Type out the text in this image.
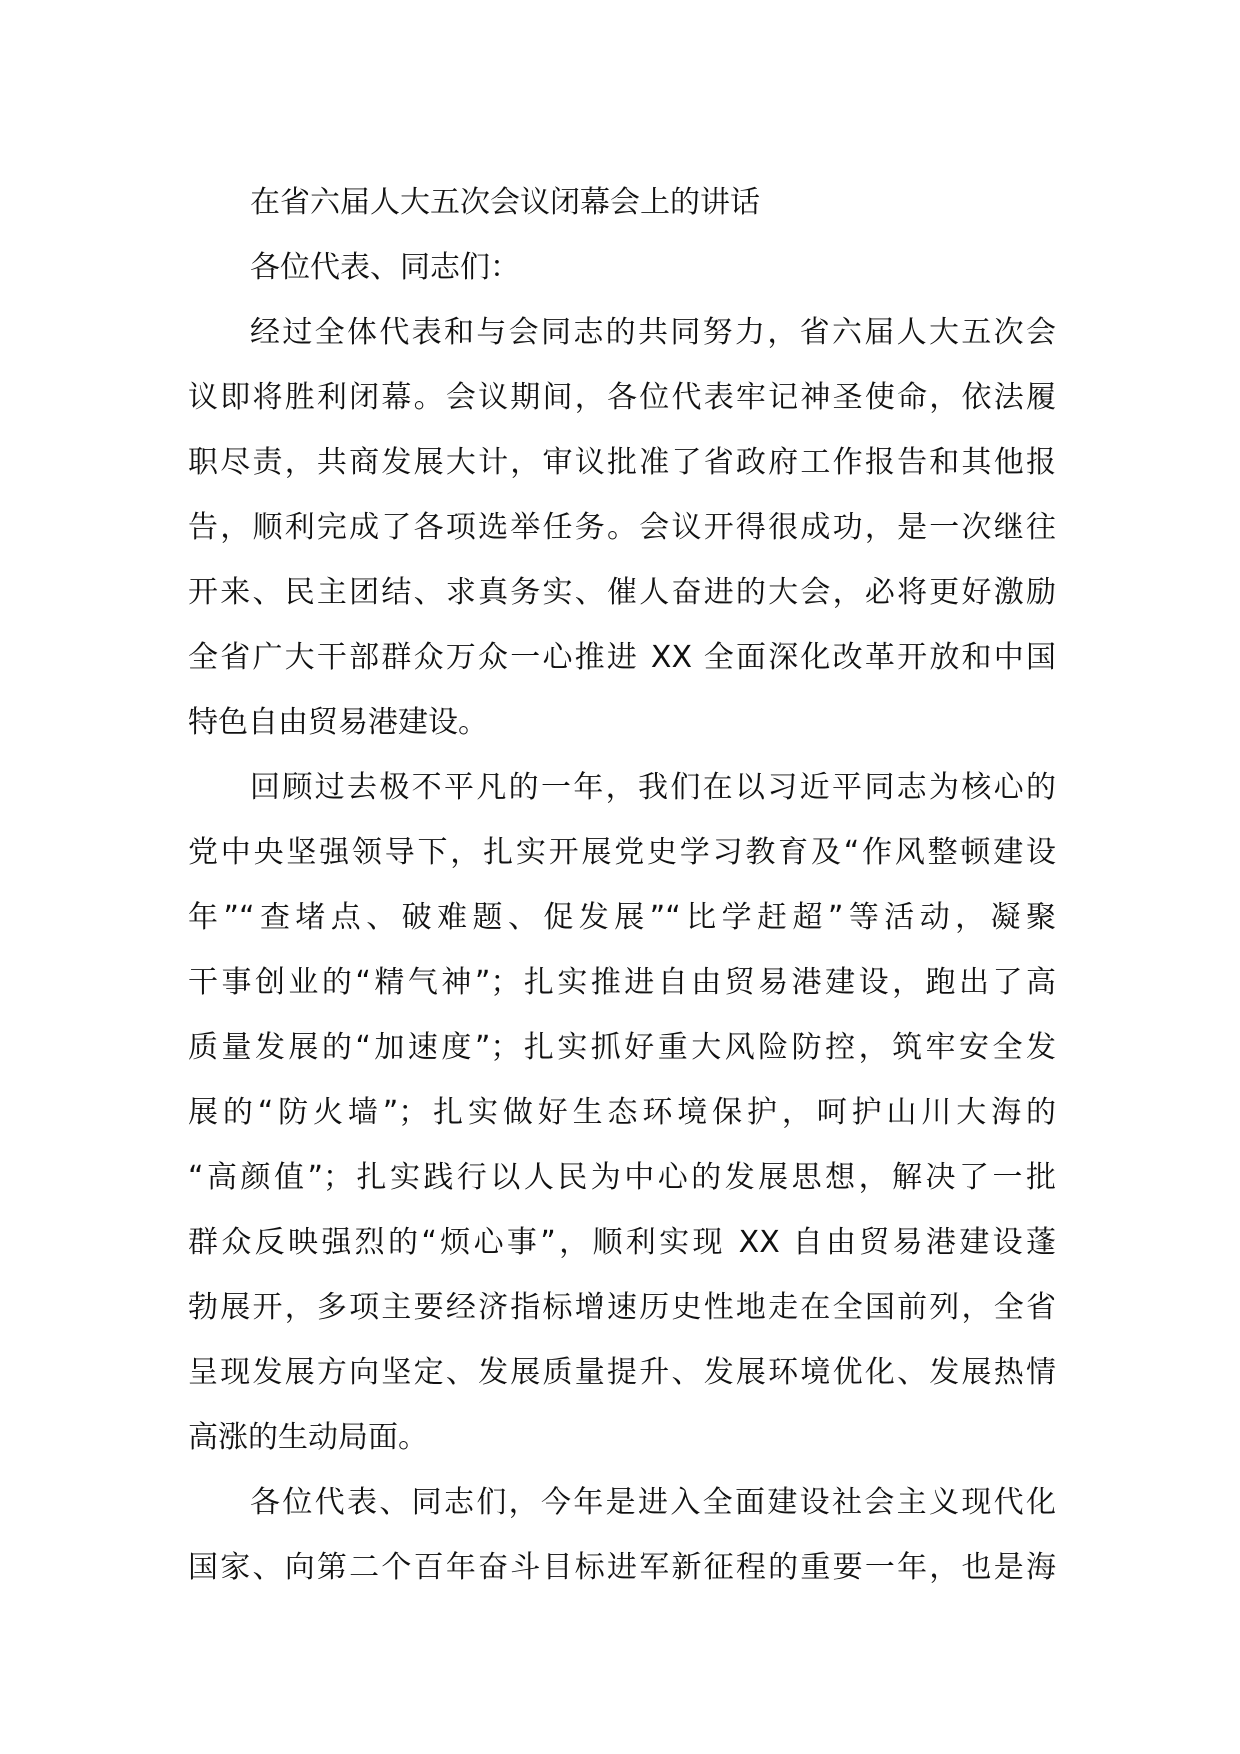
在省六届人大五次会议闭幕会上的讲话
各位代表、同志们：
经过全体代表和与会同志的共同努力，省六届人大五次会
议即将胜利闭幕。会议期间，各位代表牢记神圣使命，依法履
职尽责，共商发展大计，审议批准了省政府工作报告和其他报
告，顺利完成了各项选举任务。会议开得很成功，是一次继往
开来、民主团结、求真务实、催人奋进的大会，必将更好激励
全省广大干部群众万众一心推进 XX 全面深化改革开放和中国
特色自由贸易港建设。
回顾过去极不平凡的一年，我们在以习近平同志为核心的
党中央坚强领导下，扎实开展党史学习教育及“作风整顿建设
年”“查堵点、破难题、促发展”“比学赶超”等活动，凝聚
干事创业的“精气神”；扎实推进自由贸易港建设，跑出了高
质量发展的“加速度”；扎实抓好重大风险防控，筑牢安全发
展的“防火墙”；扎实做好生态环境保护，呵护山川大海的
“高颜值”；扎实践行以人民为中心的发展思想，解决了一批
群众反映强烈的“烦心事”，顺利实现 XX 自由贸易港建设蓬
勃展开，多项主要经济指标增速历史性地走在全国前列，全省
呈现发展方向坚定、发展质量提升、发展环境优化、发展热情
高涨的生动局面。
各位代表、同志们，今年是进入全面建设社会主义现代化
国家、向第二个百年奋斗目标进军新征程的重要一年，也是海
